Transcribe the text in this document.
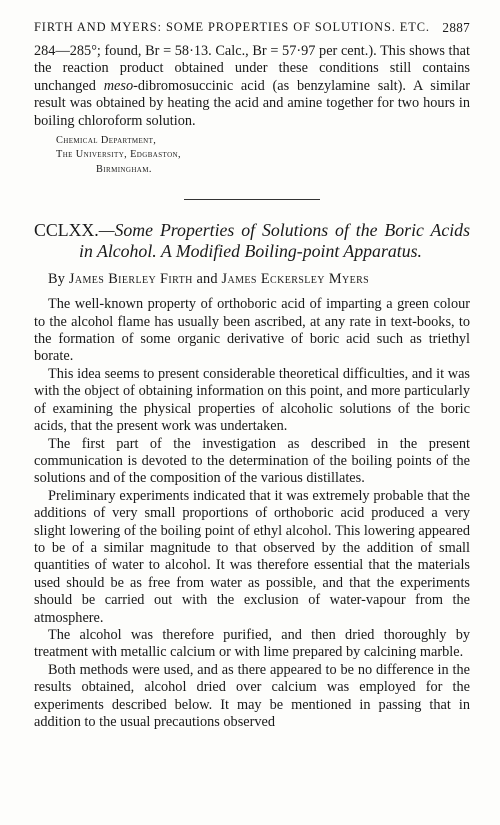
FIRTH AND MYERS: SOME PROPERTIES OF SOLUTIONS. ETC. 2887

284—285°; found, Br = 58·13. Calc., Br = 57·97 per cent.). This shows that the reaction product obtained under these conditions still contains unchanged meso-dibromosuccinic acid (as benzylamine salt). A similar result was obtained by heating the acid and amine together for two hours in boiling chloroform solution.

Chemical Department,
The University, Edgbaston,
Birmingham.

CCLXX.—Some Properties of Solutions of the Boric Acids in Alcohol. A Modified Boiling-point Apparatus.

By James Bierley Firth and James Eckersley Myers

The well-known property of orthoboric acid of imparting a green colour to the alcohol flame has usually been ascribed, at any rate in text-books, to the formation of some organic derivative of boric acid such as triethyl borate.

This idea seems to present considerable theoretical difficulties, and it was with the object of obtaining information on this point, and more particularly of examining the physical properties of alcoholic solutions of the boric acids, that the present work was undertaken.

The first part of the investigation as described in the present communication is devoted to the determination of the boiling points of the solutions and of the composition of the various distillates.

Preliminary experiments indicated that it was extremely probable that the additions of very small proportions of orthoboric acid produced a very slight lowering of the boiling point of ethyl alcohol. This lowering appeared to be of a similar magnitude to that observed by the addition of small quantities of water to alcohol. It was therefore essential that the materials used should be as free from water as possible, and that the experiments should be carried out with the exclusion of water-vapour from the atmosphere.

The alcohol was therefore purified, and then dried thoroughly by treatment with metallic calcium or with lime prepared by calcining marble.

Both methods were used, and as there appeared to be no difference in the results obtained, alcohol dried over calcium was employed for the experiments described below. It may be mentioned in passing that in addition to the usual precautions observed
